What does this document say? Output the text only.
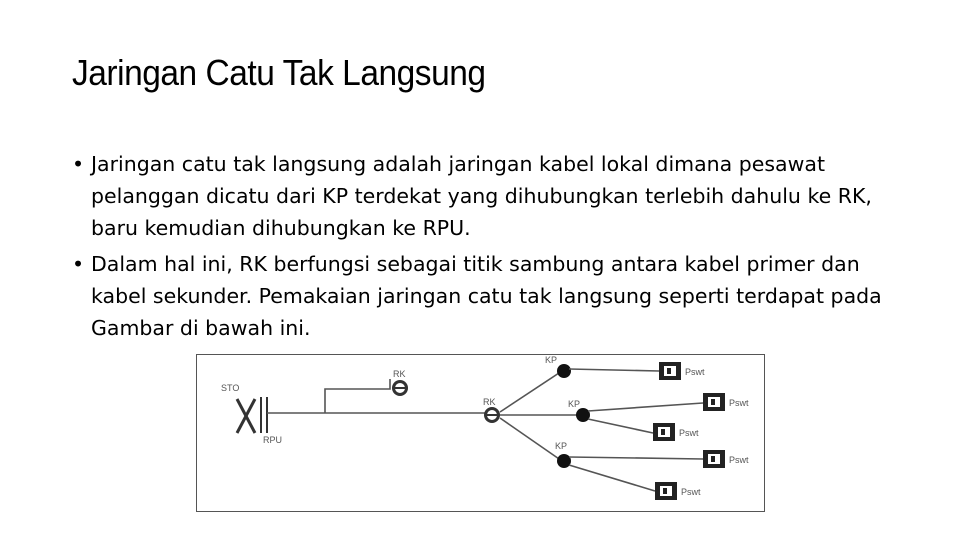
Jaringan Catu Tak Langsung
• Jaringan catu tak langsung adalah jaringan kabel lokal dimana pesawat pelanggan dicatu dari KP terdekat yang dihubungkan terlebih dahulu ke RK, baru kemudian dihubungkan ke RPU.
• Dalam hal ini, RK berfungsi sebagai titik sambung antara kabel primer dan kabel sekunder. Pemakaian jaringan catu tak langsung seperti terdapat pada Gambar di bawah ini.
STO
RPU
RK
RK
KP
KP
KP
Pswt
Pswt
Pswt
Pswt
Pswt
